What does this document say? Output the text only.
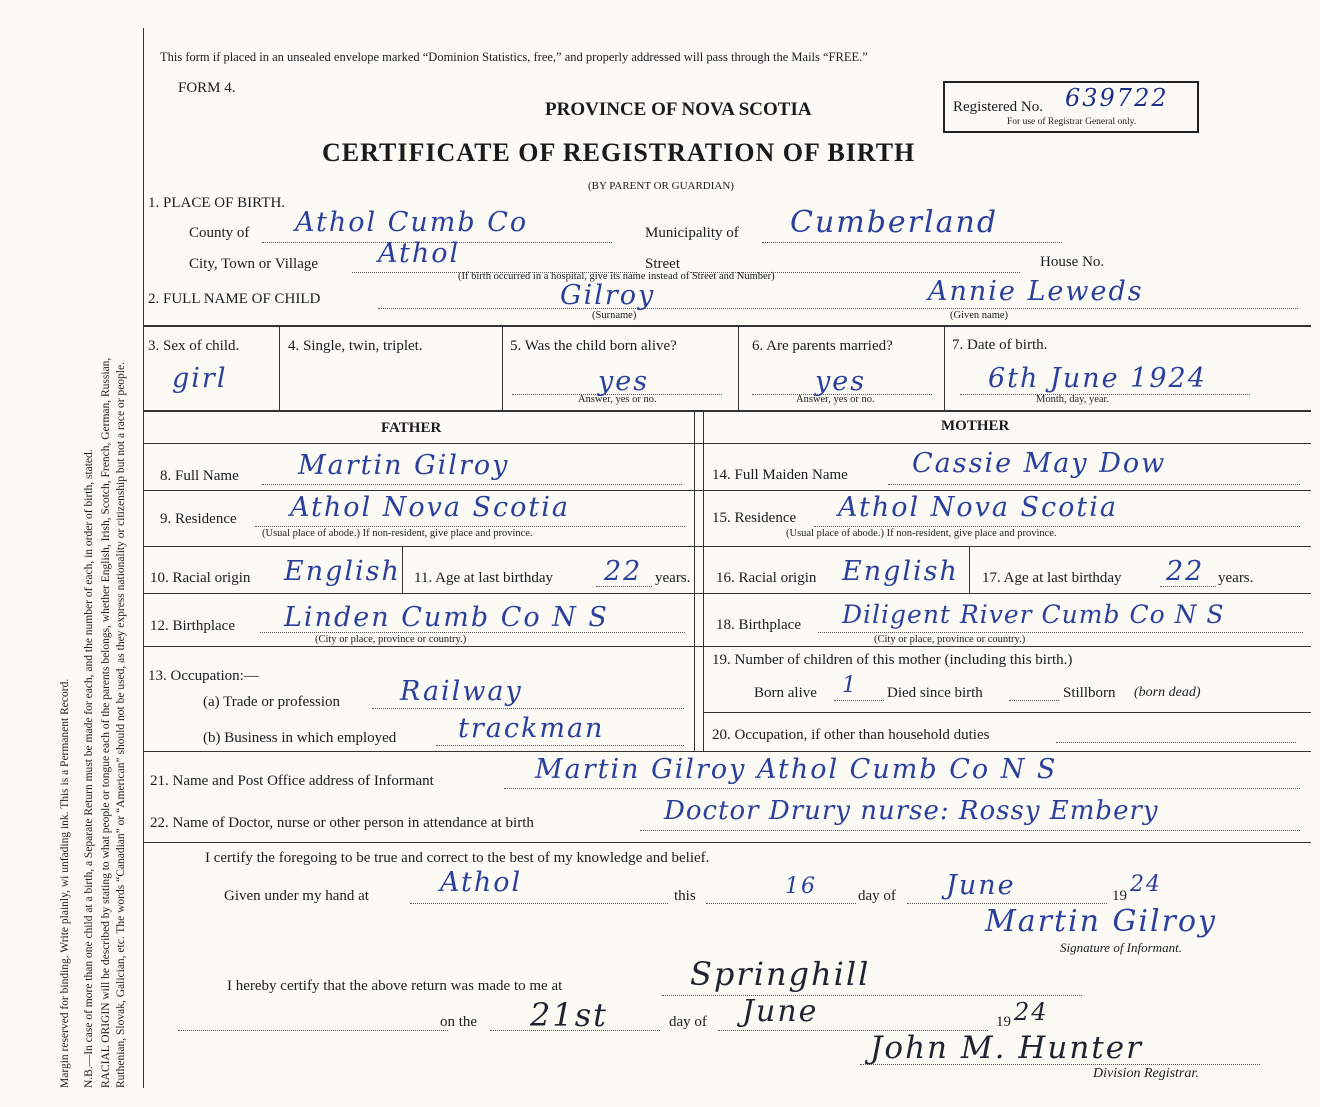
Margin reserved for binding. Write plainly, wi unfading ink. This is a Permanent Record. N.B.—In case of more than one child at a birth, a Separate Return must be made for each, and the number of each, in order of birth, stated. RACIAL ORIGIN will be described by stating to what people or tongue each of the parents belongs, whether English, Irish, Scotch, French, German, Russian, Ruthenian, Slovak, Galician, etc. The words “Canadian” or “American” should not be used, as they express nationality or citizenship but not a race or people.
This form if placed in an unsealed envelope marked “Dominion Statistics, free,” and properly addressed will pass through the Mails “FREE.”
FORM 4.
PROVINCE OF NOVA SCOTIA
CERTIFICATE OF REGISTRATION OF BIRTH
(BY PARENT OR GUARDIAN)
Registered No. 639722
For use of Registrar General only.
1. PLACE OF BIRTH.
County of Athol Cumb Co	Municipality of Cumberland
City, Town or Village Athol	Street	House No.
(If birth occurred in a hospital, give its name instead of Street and Number)
2. FULL NAME OF CHILD	Gilroy
(Surname)
Annie Leweds
(Given name)
3. Sex of child.
girl
4. Single, twin, triplet.	5. Was the child born alive?
yes
Answer, yes or no.
6. Are parents married?
yes
Answer, yes or no.
7. Date of birth.
6th June 1924
Month, day, year.
FATHER	MOTHER
8. Full Name Martin Gilroy	14. Full Maiden Name Cassie May Dow
9. Residence Athol Nova Scotia
(Usual place of abode.) If non-resident, give place and province.
15. Residence Athol Nova Scotia
(Usual place of abode.) If non-resident, give place and province.
10. Racial origin English 11. Age at last birthday 22 years. 16. Racial origin English 17. Age at last birthday 22 years.
12. Birthplace Linden Cumb Co N S
(City or place, province or country.)
18. Birthplace Diligent River Cumb Co N S
(City or place, province or country.)
13. Occupation:—
(a) Trade or profession Railway
(b) Business in which employed trackman
19. Number of children of this mother (including this birth.)
Born alive 1 Died since birth	Stillborn (born dead)
20. Occupation, if other than household duties
21. Name and Post Office address of Informant	Martin Gilroy Athol Cumb Co N S
22. Name of Doctor, nurse or other person in attendance at birth	Doctor Drury nurse: Rossy Embery
I certify the foregoing to be true and correct to the best of my knowledge and belief.
Given under my hand at	Athol	this	16	day of June	19 24
Martin Gilroy
Signature of Informant.
I hereby certify that the above return was made to me at	Springhill
on the 21st	day of June	19 24
John M. Hunter
Division Registrar.
